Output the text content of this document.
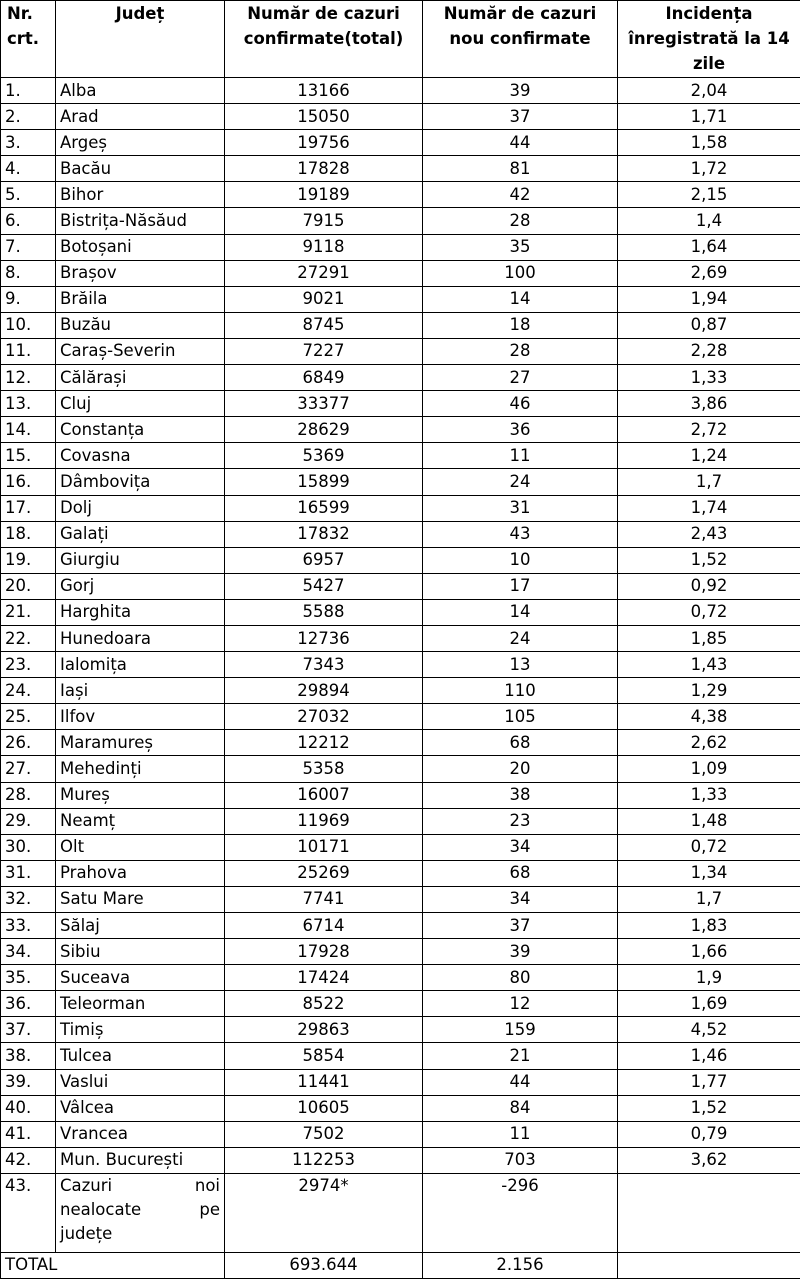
Nr. crt.	Județ	Număr de cazuri confirmate(total)	Număr de cazuri nou confirmate	Incidența înregistrată la 14 zile
1.	Alba	13166	39	2,04
2.	Arad	15050	37	1,71
3.	Argeș	19756	44	1,58
4.	Bacău	17828	81	1,72
5.	Bihor	19189	42	2,15
6.	Bistrița-Năsăud	7915	28	1,4
7.	Botoșani	9118	35	1,64
8.	Brașov	27291	100	2,69
9.	Brăila	9021	14	1,94
10.	Buzău	8745	18	0,87
11.	Caraș-Severin	7227	28	2,28
12.	Călărași	6849	27	1,33
13.	Cluj	33377	46	3,86
14.	Constanța	28629	36	2,72
15.	Covasna	5369	11	1,24
16.	Dâmbovița	15899	24	1,7
17.	Dolj	16599	31	1,74
18.	Galați	17832	43	2,43
19.	Giurgiu	6957	10	1,52
20.	Gorj	5427	17	0,92
21.	Harghita	5588	14	0,72
22.	Hunedoara	12736	24	1,85
23.	Ialomița	7343	13	1,43
24.	Iași	29894	110	1,29
25.	Ilfov	27032	105	4,38
26.	Maramureș	12212	68	2,62
27.	Mehedinți	5358	20	1,09
28.	Mureș	16007	38	1,33
29.	Neamț	11969	23	1,48
30.	Olt	10171	34	0,72
31.	Prahova	25269	68	1,34
32.	Satu Mare	7741	34	1,7
33.	Sălaj	6714	37	1,83
34.	Sibiu	17928	39	1,66
35.	Suceava	17424	80	1,9
36.	Teleorman	8522	12	1,69
37.	Timiș	29863	159	4,52
38.	Tulcea	5854	21	1,46
39.	Vaslui	11441	44	1,77
40.	Vâlcea	10605	84	1,52
41.	Vrancea	7502	11	0,79
42.	Mun. București	112253	703	3,62
43.	Cazuri noi nealocate pe județe	2974*	-296	
TOTAL		693.644	2.156	
